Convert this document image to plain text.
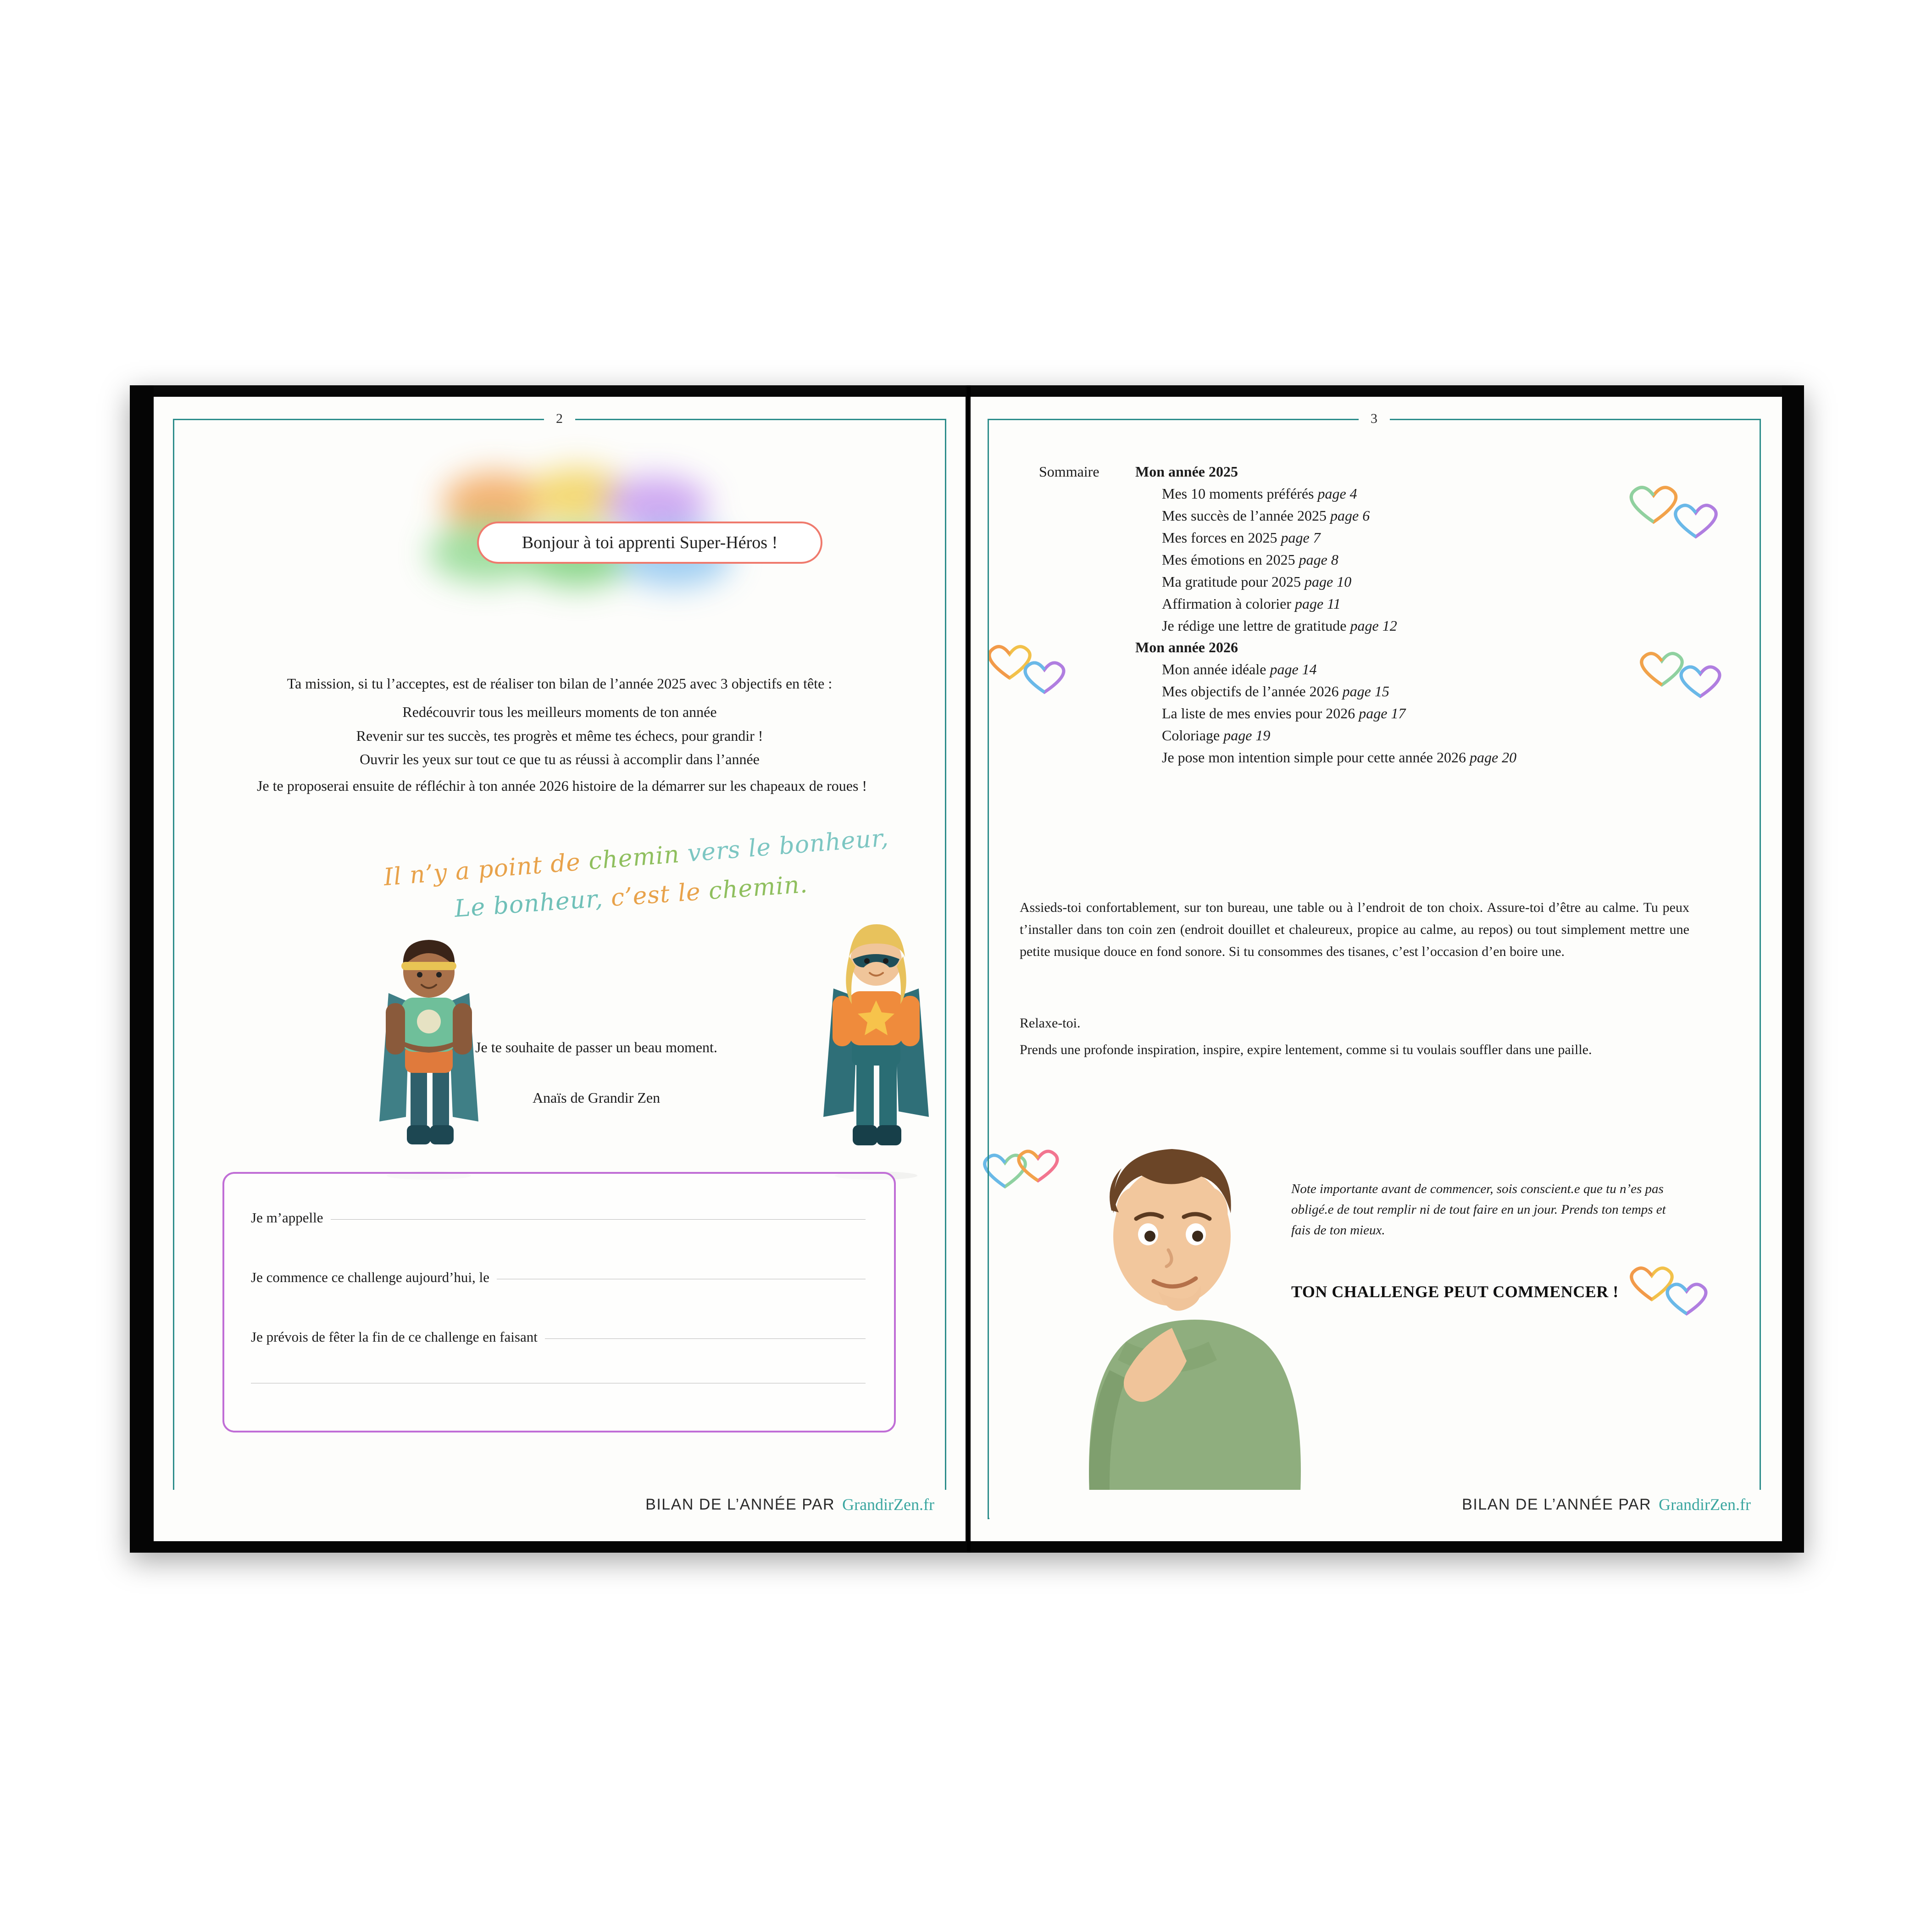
Bonjour à toi apprenti Super-Héros !
Ta mission, si tu l’acceptes, est de réaliser ton bilan de l’année 2025 avec 3 objectifs en tête :
Redécouvrir tous les meilleurs moments de ton année
Revenir sur tes succès, tes progrès et même tes échecs, pour grandir !
Ouvrir les yeux sur tout ce que tu as réussi à accomplir dans l’année
Je te proposerai ensuite de réfléchir à ton année 2026 histoire de la démarrer sur les chapeaux de roues !
Il n’y a point de chemin vers le bonheur,
Le bonheur, c’est le chemin.
Je m’appelle
Je commence ce challenge aujourd’hui, le
Je prévois de fêter la fin de ce challenge en faisant
Je te souhaite de passer un beau moment.
Anaïs de Grandir Zen
2
BILAN DE L’ANNÉE PAR GrandirZen.fr
Sommaire	Mon année 2025
Mes 10 moments préférés page 4
Mes succès de l’année 2025 page 6
Mes forces en 2025 page 7
Mes émotions en 2025 page 8
Ma gratitude pour 2025 page 10
Affirmation à colorier page 11
Je rédige une lettre de gratitude page 12
Mon année 2026
Mon année idéale page 14
Mes objectifs de l’année 2026 page 15
La liste de mes envies pour 2026 page 17
Coloriage page 19
Je pose mon intention simple pour cette année 2026 page 20
Assieds-toi confortablement, sur ton bureau, une table ou à l’endroit de ton choix. Assure-toi d’être au calme. Tu peux t’installer dans ton coin zen (endroit douillet et chaleureux, propice au calme, au repos) ou tout simplement mettre une petite musique douce en fond sonore. Si tu consommes des tisanes, c’est l’occasion d’en boire une.
Relaxe-toi.
Prends une profonde inspiration, inspire, expire lentement, comme si tu voulais souffler dans une paille.
Note importante avant de commencer, sois conscient.e que tu n’es pas obligé.e de tout remplir ni de tout faire en un jour. Prends ton temps et fais de ton mieux.
TON CHALLENGE PEUT COMMENCER !
3
BILAN DE L’ANNÉE PAR GrandirZen.fr
